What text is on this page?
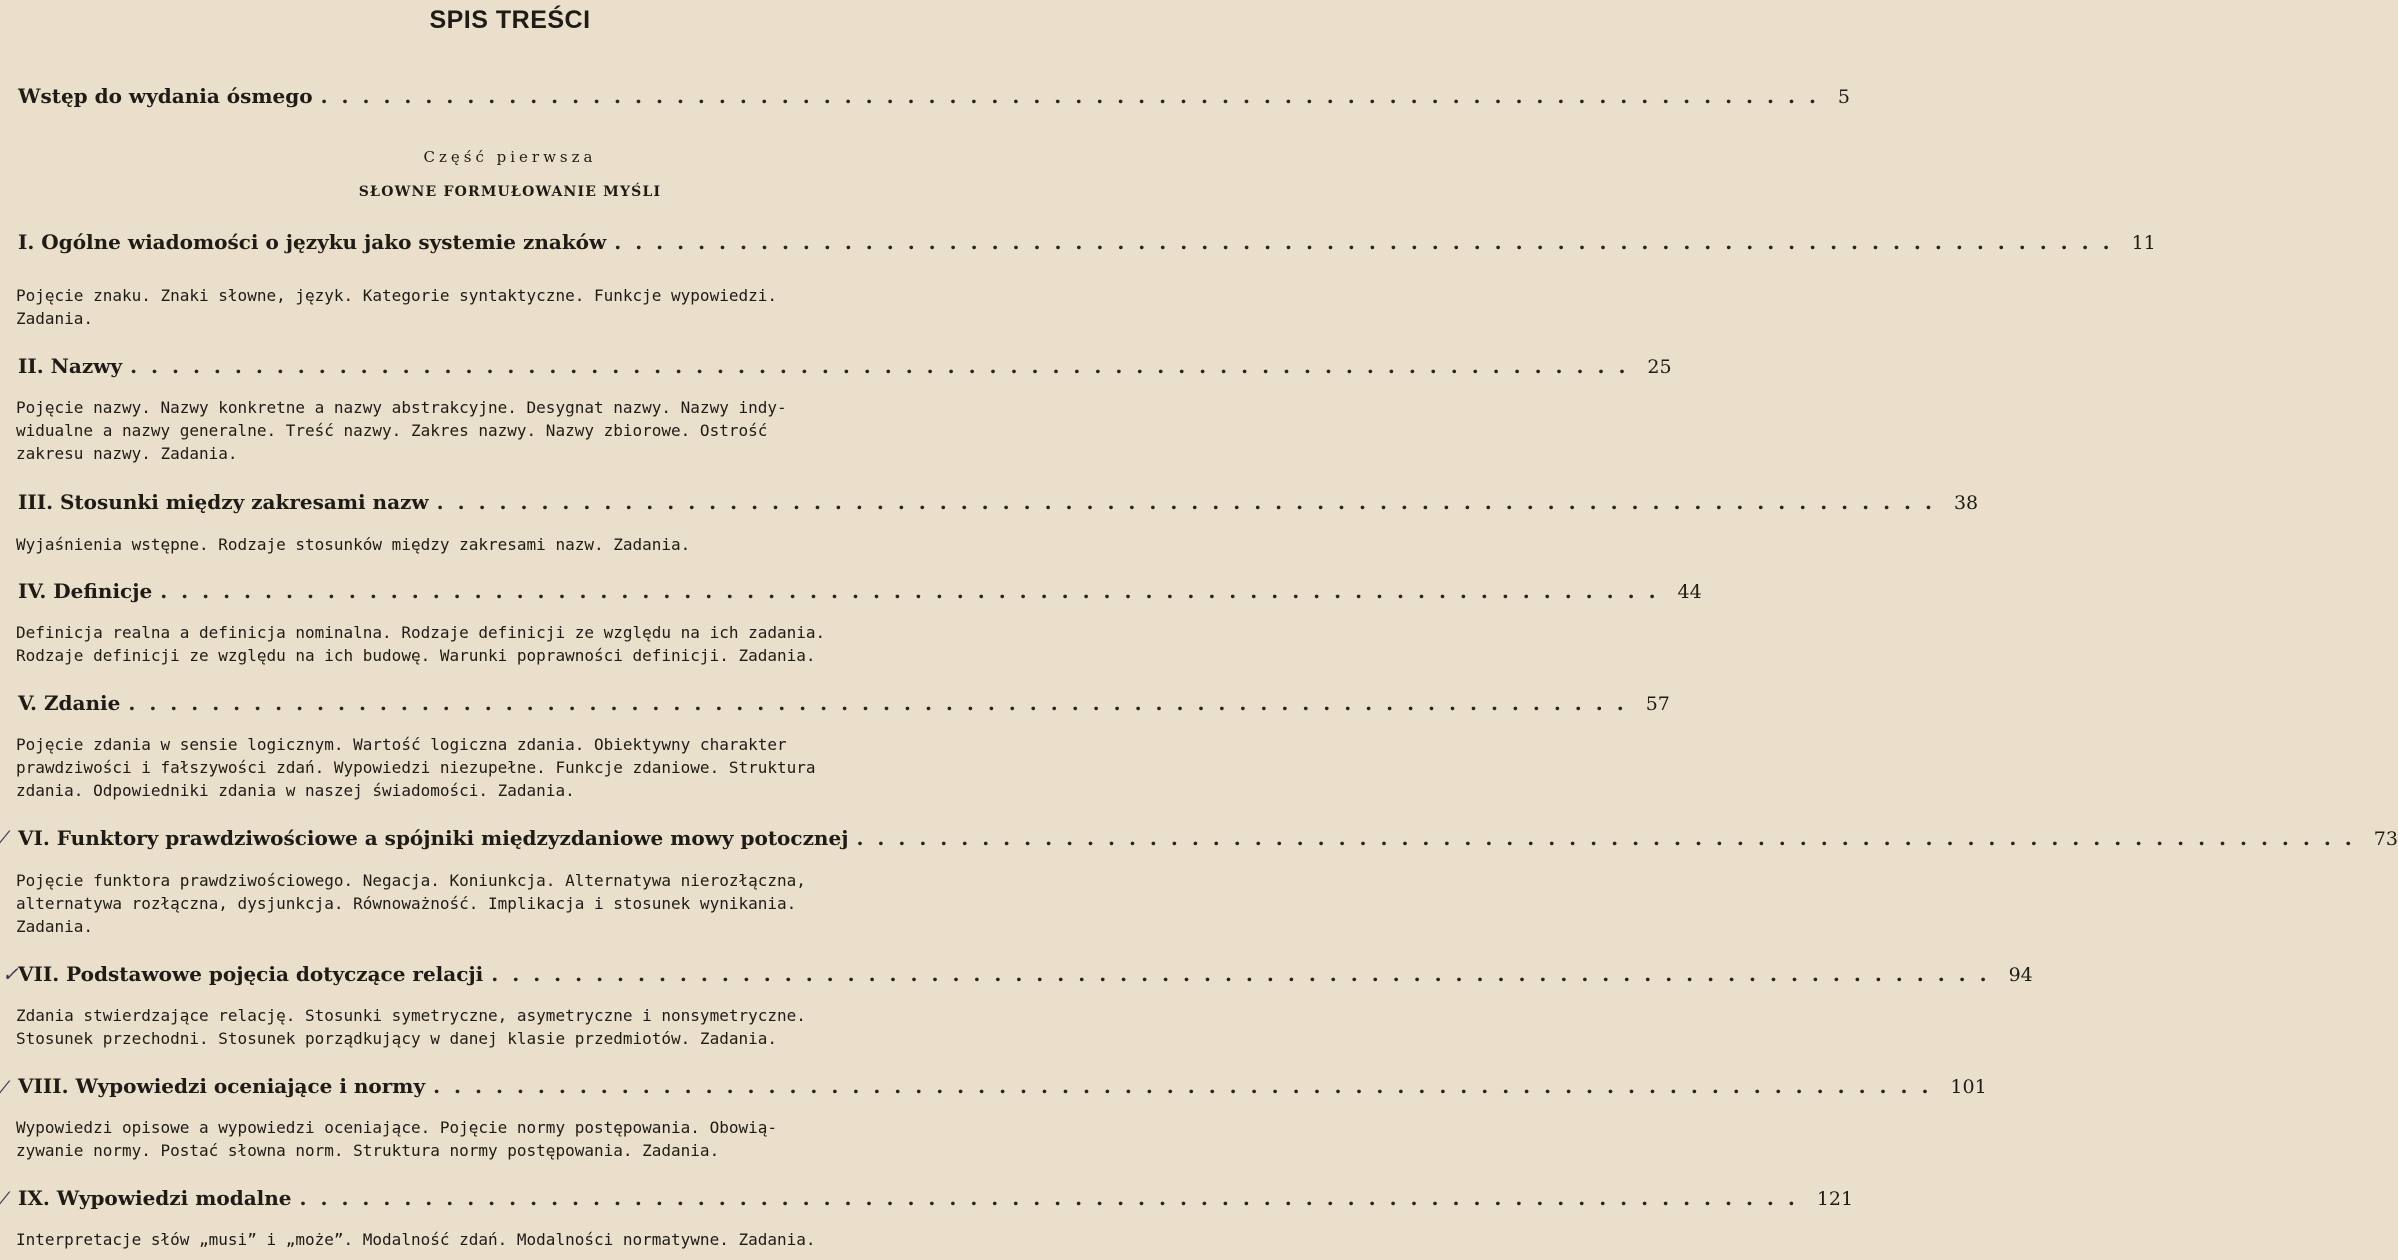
SPIS TREŚCI
Wstęp do wydania ósmego ........................................................................ 5
Część pierwsza
SŁOWNE FORMUŁOWANIE MYŚLI
I. Ogólne wiadomości o języku jako systemie znaków ........................................................................ 11
Pojęcie znaku. Znaki słowne, język. Kategorie syntaktyczne. Funkcje wypowiedzi.
Zadania.
II. Nazwy ........................................................................ 25
Pojęcie nazwy. Nazwy konkretne a nazwy abstrakcyjne. Desygnat nazwy. Nazwy indy-
widualne a nazwy generalne. Treść nazwy. Zakres nazwy. Nazwy zbiorowe. Ostrość
zakresu nazwy. Zadania.
III. Stosunki między zakresami nazw ........................................................................ 38
Wyjaśnienia wstępne. Rodzaje stosunków między zakresami nazw. Zadania.
IV. Definicje ........................................................................ 44
Definicja realna a definicja nominalna. Rodzaje definicji ze względu na ich zadania.
Rodzaje definicji ze względu na ich budowę. Warunki poprawności definicji. Zadania.
V. Zdanie ........................................................................ 57
Pojęcie zdania w sensie logicznym. Wartość logiczna zdania. Obiektywny charakter
prawdziwości i fałszywości zdań. Wypowiedzi niezupełne. Funkcje zdaniowe. Struktura
zdania. Odpowiedniki zdania w naszej świadomości. Zadania.
⁄ VI. Funktory prawdziwościowe a spójniki międzyzdaniowe mowy potocznej ........................................................................ 73
Pojęcie funktora prawdziwościowego. Negacja. Koniunkcja. Alternatywa nierozłączna,
alternatywa rozłączna, dysjunkcja. Równoważność. Implikacja i stosunek wynikania.
Zadania.
✓ VII. Podstawowe pojęcia dotyczące relacji ........................................................................ 94
Zdania stwierdzające relację. Stosunki symetryczne, asymetryczne i nonsymetryczne.
Stosunek przechodni. Stosunek porządkujący w danej klasie przedmiotów. Zadania.
⁄ VIII. Wypowiedzi oceniające i normy ........................................................................ 101
Wypowiedzi opisowe a wypowiedzi oceniające. Pojęcie normy postępowania. Obowią-
zywanie normy. Postać słowna norm. Struktura normy postępowania. Zadania.
⁄ IX. Wypowiedzi modalne ........................................................................ 121
Interpretacje słów „musi” i „może”. Modalność zdań. Modalności normatywne. Zadania.
